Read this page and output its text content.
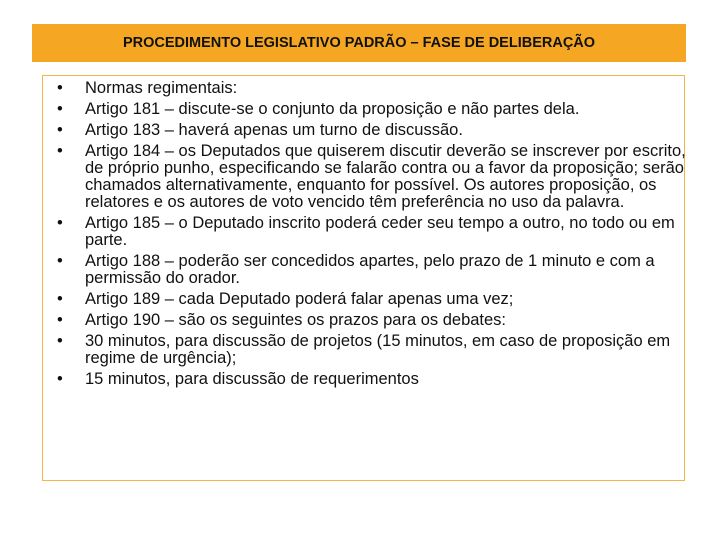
PROCEDIMENTO LEGISLATIVO PADRÃO – FASE DE DELIBERAÇÃO
• Normas regimentais:
• Artigo 181 – discute-se o conjunto da proposição e não partes dela.
• Artigo 183 – haverá apenas um turno de discussão.
• Artigo 184 – os Deputados que quiserem discutir deverão se inscrever por escrito, de próprio punho, especificando se falarão contra ou a favor da proposição; serão chamados alternativamente, enquanto for possível. Os autores proposição, os relatores e os autores de voto vencido têm preferência no uso da palavra.
• Artigo 185 – o Deputado inscrito poderá ceder seu tempo a outro, no todo ou em parte.
• Artigo 188 – poderão ser concedidos apartes, pelo prazo de 1 minuto e com a permissão do orador.
• Artigo 189 – cada Deputado poderá falar apenas uma vez;
• Artigo 190 – são os seguintes os prazos para os debates:
• 30 minutos, para discussão de projetos (15 minutos, em caso de proposição em regime de urgência);
• 15 minutos, para discussão de requerimentos
